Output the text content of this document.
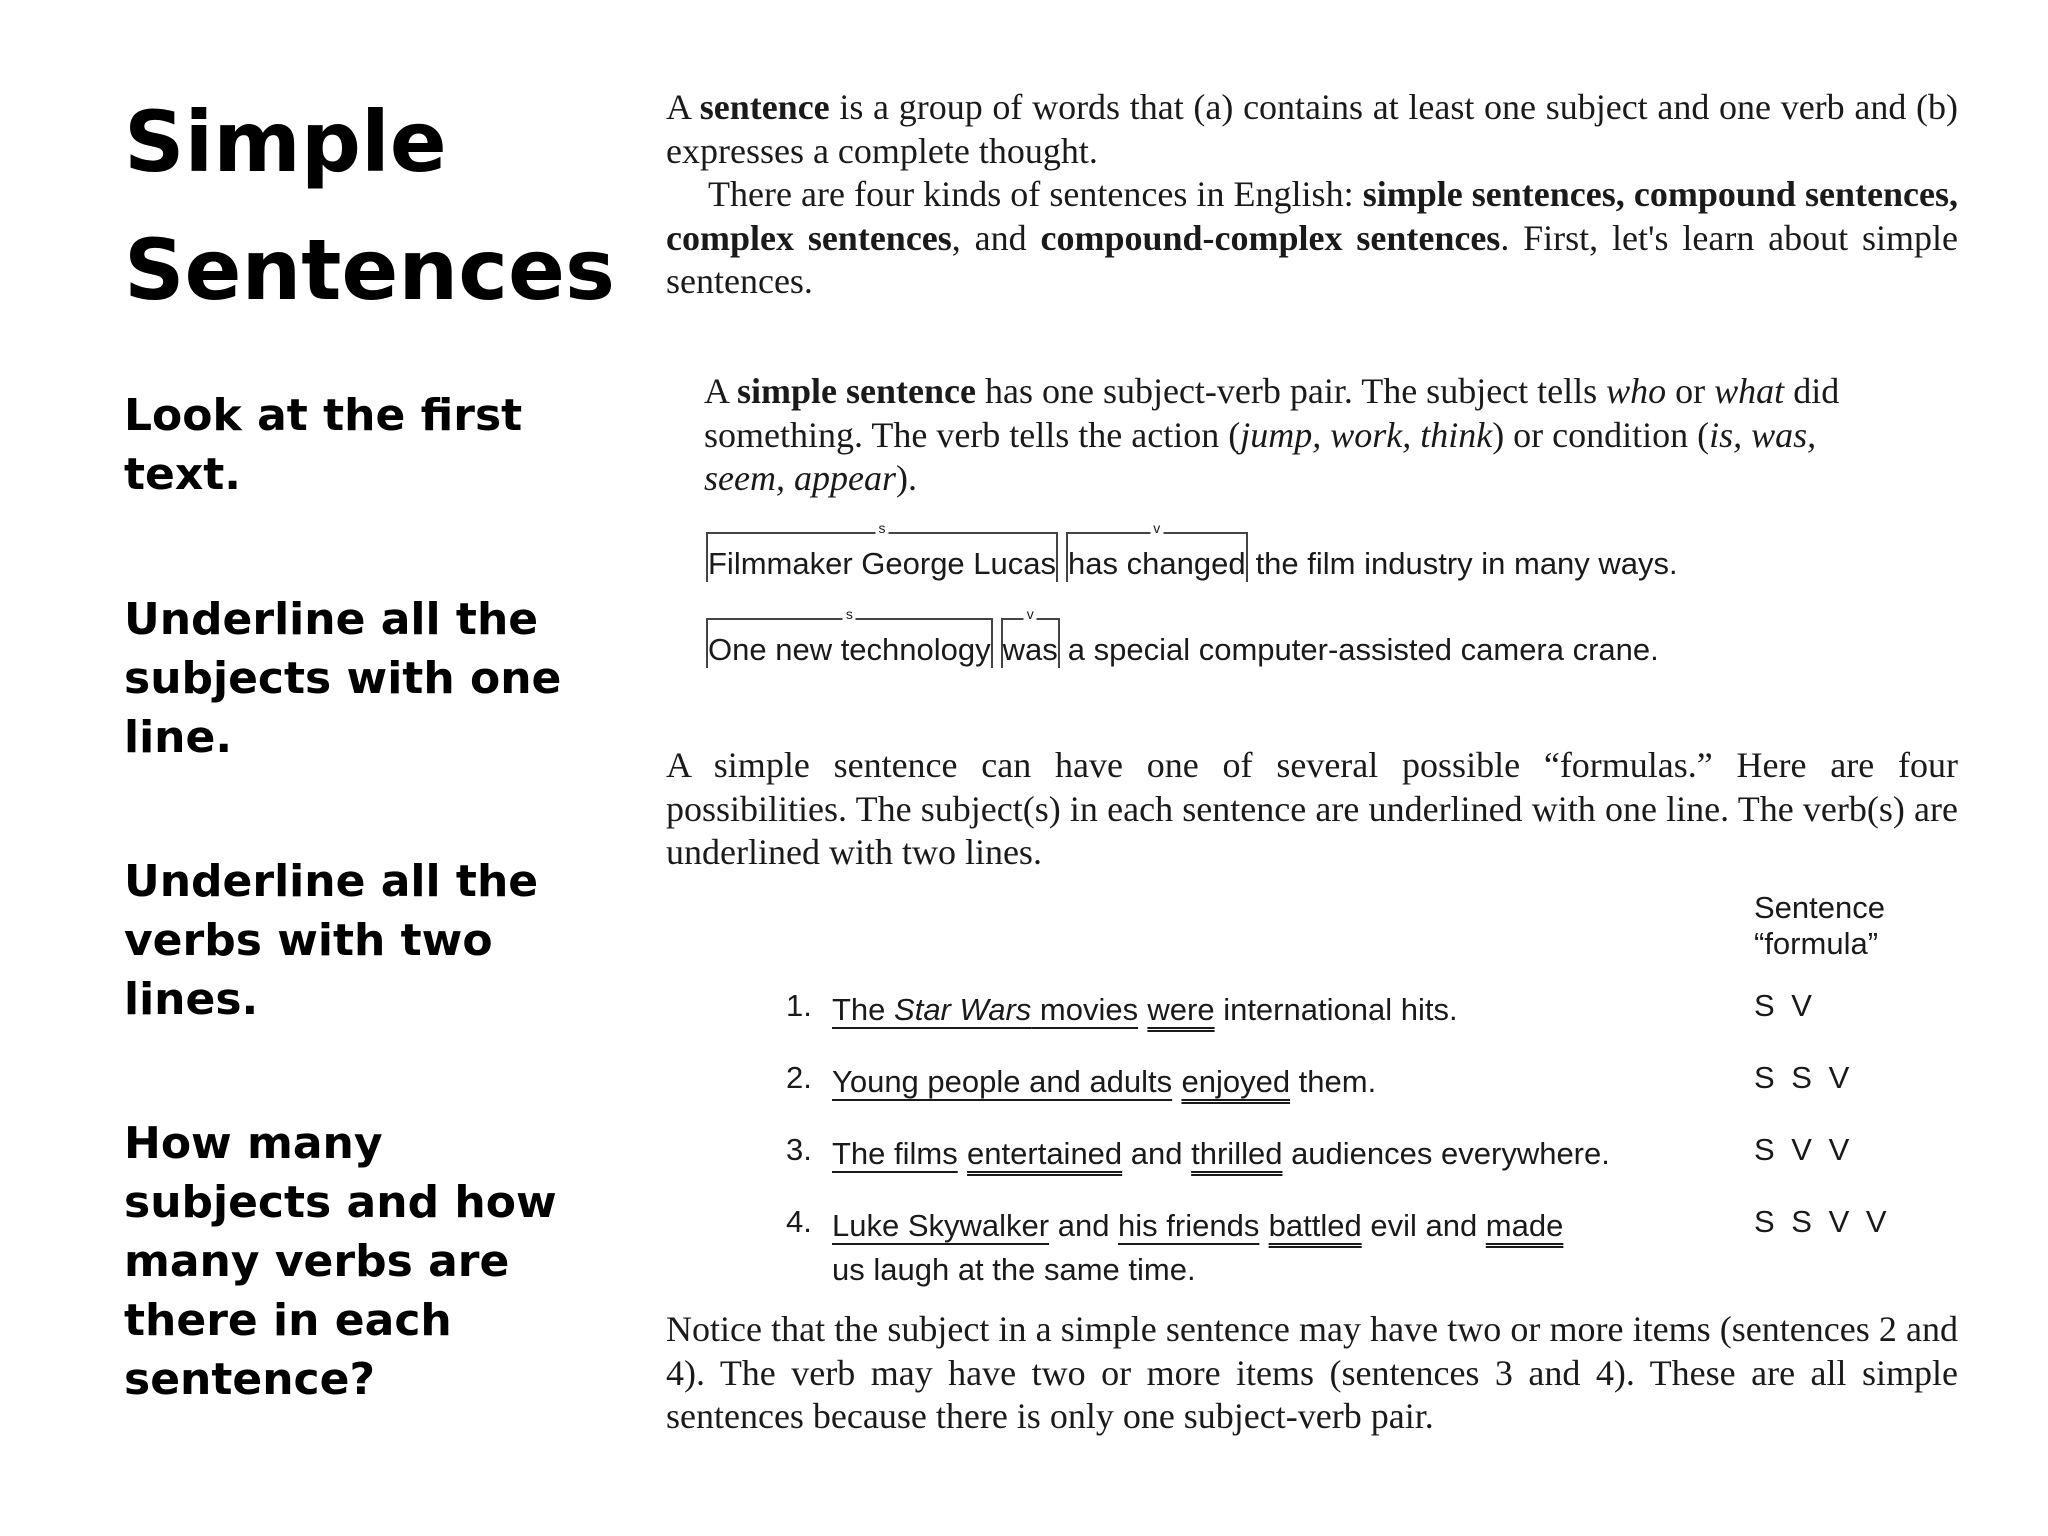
Simple
Sentences

Look at the first text.

Underline all the subjects with one line.

Underline all the verbs with two lines.

How many subjects and how many verbs are there in each sentence?

A sentence is a group of words that (a) contains at least one subject and one verb and (b) expresses a complete thought.
There are four kinds of sentences in English: simple sentences, compound sentences, complex sentences, and compound-complex sentences. First, let's learn about simple sentences.

A simple sentence has one subject-verb pair. The subject tells who or what did something. The verb tells the action (jump, work, think) or condition (is, was, seem, appear).

s
Filmmaker George Lucas
v
has changed the film industry in many ways.
s
One new technology
v
was a special computer-assisted camera crane.

A simple sentence can have one of several possible “formulas.” Here are four possibilities. The subject(s) in each sentence are underlined with one line. The verb(s) are underlined with two lines.

Sentence
“formula”

1. The Star Wars movies were international hits.	S V
2. Young people and adults enjoyed them.	S S V
3. The films entertained and thrilled audiences everywhere.	S V V
4. Luke Skywalker and his friends battled evil and made
us laugh at the same time.
S S V V

Notice that the subject in a simple sentence may have two or more items (sentences 2 and 4). The verb may have two or more items (sentences 3 and 4). These are all simple sentences because there is only one subject-verb pair.
